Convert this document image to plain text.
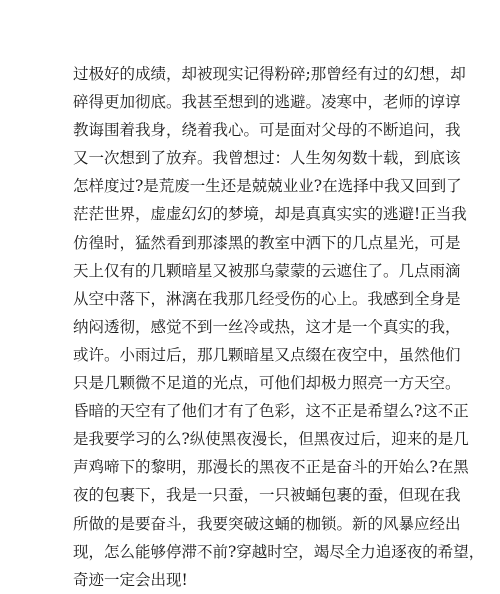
过极好的成绩，却被现实记得粉碎;那曾经有过的幻想，却
碎得更加彻底。我甚至想到的逃避。凌寒中，老师的谆谆
教诲围着我身，绕着我心。可是面对父母的不断追问，我
又一次想到了放弃。我曾想过：人生匆匆数十载，到底该
怎样度过?是荒废一生还是兢兢业业?在选择中我又回到了
茫茫世界，虚虚幻幻的梦境，却是真真实实的逃避!正当我
仿徨时，猛然看到那漆黑的教室中洒下的几点星光，可是
天上仅有的几颗暗星又被那乌蒙蒙的云遮住了。几点雨滴
从空中落下，淋漓在我那几经受伤的心上。我感到全身是
纳闷透彻，感觉不到一丝冷或热，这才是一个真实的我，
或许。小雨过后，那几颗暗星又点缀在夜空中，虽然他们
只是几颗微不足道的光点，可他们却极力照亮一方天空。
昏暗的天空有了他们才有了色彩，这不正是希望么?这不正
是我要学习的么?纵使黑夜漫长，但黑夜过后，迎来的是几
声鸡啼下的黎明，那漫长的黑夜不正是奋斗的开始么?在黑
夜的包裹下，我是一只蚕，一只被蛹包裹的蚕，但现在我
所做的是要奋斗，我要突破这蛹的枷锁。新的风暴应经出
现，怎么能够停滞不前?穿越时空，竭尽全力追逐夜的希望，
奇迹一定会出现!
